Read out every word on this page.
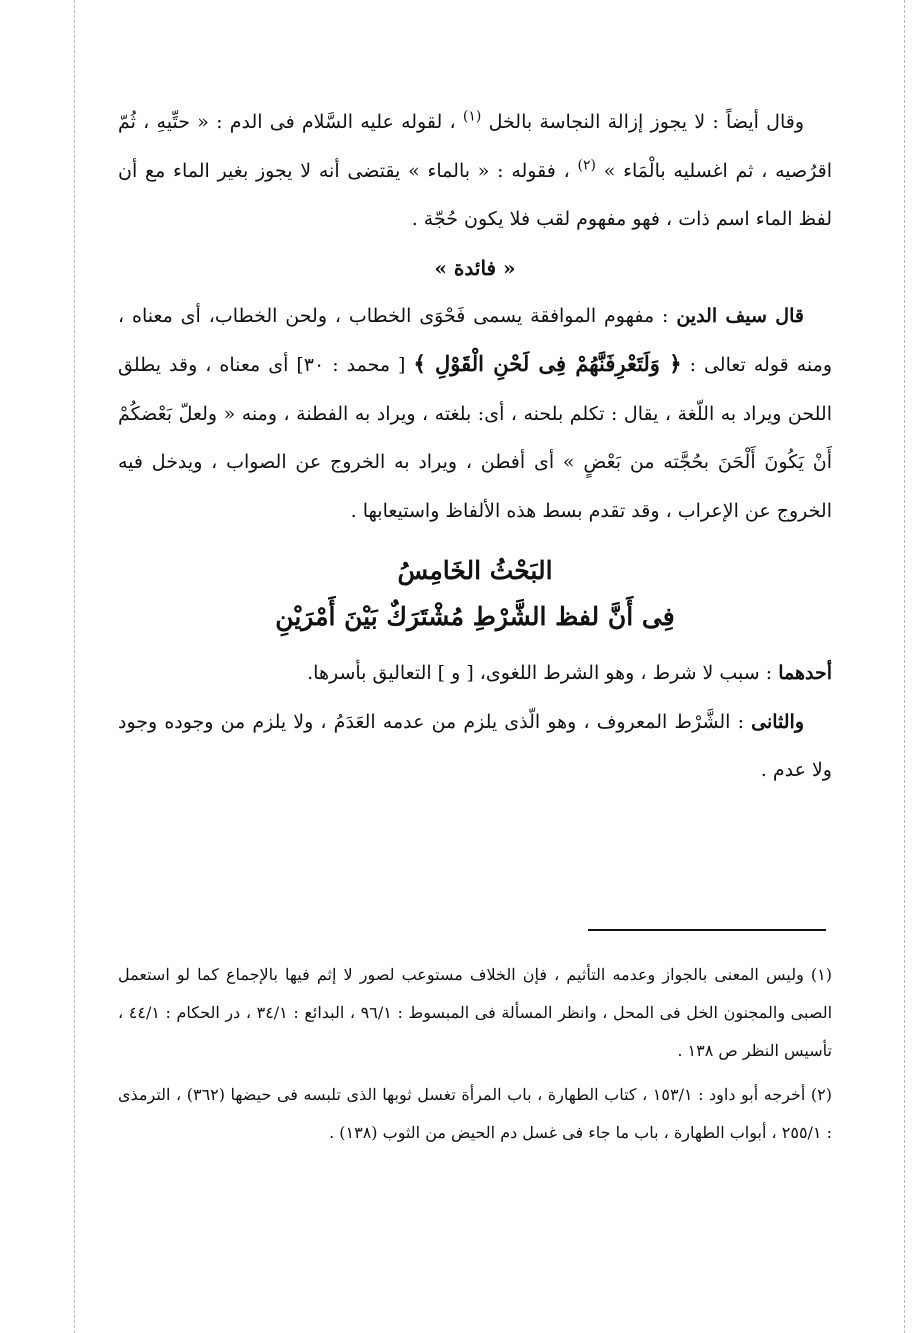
وقال أيضاً : لا يجوز إزالة النجاسة بالخل $^{(١)}$ ، لقوله عليه السَّلام فى الدم : « حتِّيهِ ، ثُمّ اقرُصيه ، ثم اغسليه بالْمَاء » $^{(٢)}$ ، فقوله : « بالماء » يقتضى أنه لا يجوز بغير الماء مع أن لفظ الماء اسم ذات ، فهو مفهوم لقب فلا يكون حُجّة .

« فائدة »

قال سيف الدين : مفهوم الموافقة يسمى فَحْوَى الخطاب ، ولحن الخطاب، أى معناه ، ومنه قوله تعالى : ﴿ وَلَتَعْرِفَنَّهُمْ فِى لَحْنِ الْقَوْلِ ﴾ [ محمد : ٣٠] أى معناه ، وقد يطلق اللحن ويراد به اللّغة ، يقال : تكلم بلحنه ، أى: بلغته ، ويراد به الفطنة ، ومنه « ولعلّ بَعْضكُمْ أَنْ يَكُونَ أَلْحَنَ بحُجَّته من بَعْضٍ » أى أفطن ، ويراد به الخروج عن الصواب ، ويدخل فيه الخروج عن الإعراب ، وقد تقدم بسط هذه الألفاظ واستيعابها .

البَحْثُ الخَامِسُ
فِى أَنَّ لفظ الشَّرْطِ مُشْتَرَكٌ بَيْنَ أَمْرَيْنِ

أحدهما : سبب لا شرط ، وهو الشرط اللغوى، [ و ] التعاليق بأسرها.

والثانى : الشَّرْط المعروف ، وهو الّذى يلزم من عدمه العَدَمُ ، ولا يلزم من وجوده وجود ولا عدم .

(١) وليس المعنى بالجواز وعدمه التأثيم ، فإن الخلاف مستوعب لصور لا إثم فيها بالإجماع كما لو استعمل الصبى والمجنون الخل فى المحل ، وانظر المسألة فى المبسوط : ٩٦/١ ، البدائع : ٣٤/١ ، در الحكام : ٤٤/١ ، تأسيس النظر ص ١٣٨ .

(٢) أخرجه أبو داود : ١٥٣/١ ، كتاب الطهارة ، باب المرأة تغسل ثوبها الذى تلبسه فى حيضها (٣٦٢) ، الترمذى : ٢٥٥/١ ، أبواب الطهارة ، باب ما جاء فى غسل دم الحيض من الثوب (١٣٨) .
